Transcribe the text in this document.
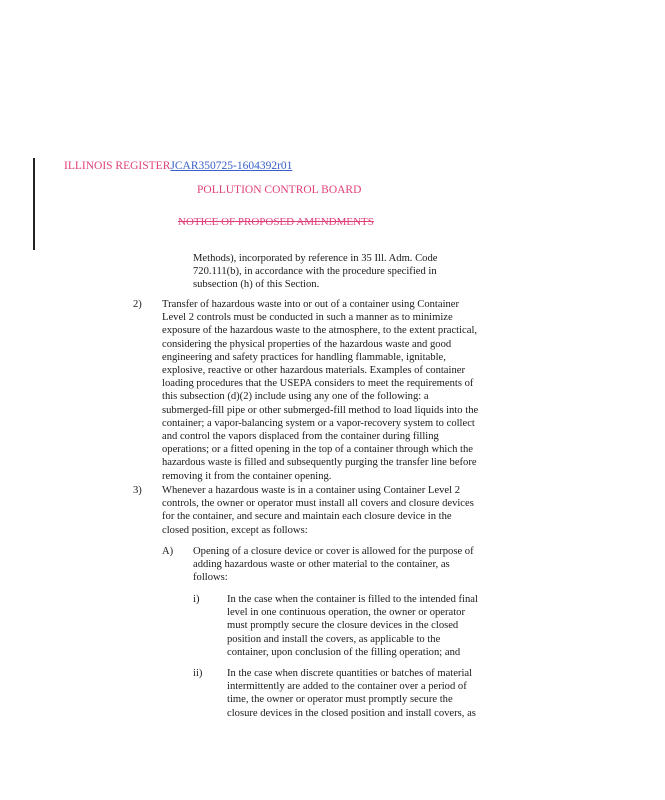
ILLINOIS REGISTERJCAR350725-1604392r01
POLLUTION CONTROL BOARD
NOTICE OF PROPOSED AMENDMENTS

Methods), incorporated by reference in 35 Ill. Adm. Code 720.111(b), in accordance with the procedure specified in subsection (h) of this Section.

2) Transfer of hazardous waste into or out of a container using Container Level 2 controls must be conducted in such a manner as to minimize exposure of the hazardous waste to the atmosphere, to the extent practical, considering the physical properties of the hazardous waste and good engineering and safety practices for handling flammable, ignitable, explosive, reactive or other hazardous materials. Examples of container loading procedures that the USEPA considers to meet the requirements of this subsection (d)(2) include using any one of the following: a submerged-fill pipe or other submerged-fill method to load liquids into the container; a vapor-balancing system or a vapor-recovery system to collect and control the vapors displaced from the container during filling operations; or a fitted opening in the top of a container through which the hazardous waste is filled and subsequently purging the transfer line before removing it from the container opening.

3) Whenever a hazardous waste is in a container using Container Level 2 controls, the owner or operator must install all covers and closure devices for the container, and secure and maintain each closure device in the closed position, except as follows:

A) Opening of a closure device or cover is allowed for the purpose of adding hazardous waste or other material to the container, as follows:

i)	In the case when the container is filled to the intended final level in one continuous operation, the owner or operator must promptly secure the closure devices in the closed position and install the covers, as applicable to the container, upon conclusion of the filling operation; and

ii) In the case when discrete quantities or batches of material intermittently are added to the container over a period of time, the owner or operator must promptly secure the closure devices in the closed position and install covers, as
